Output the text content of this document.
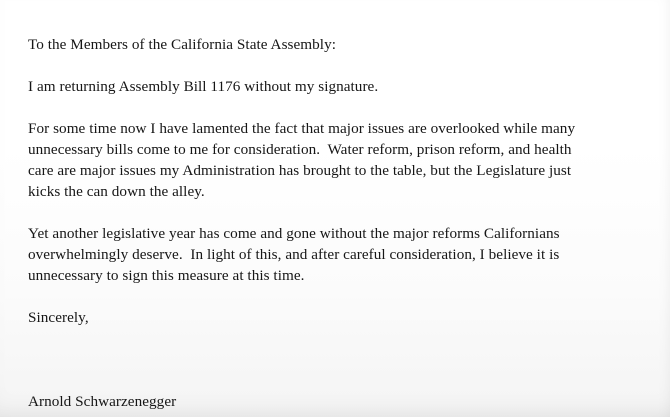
To the Members of the California State Assembly:
I am returning Assembly Bill 1176 without my signature.
For some time now I have lamented the fact that major issues are overlooked while many
unnecessary bills come to me for consideration.  Water reform, prison reform, and health
care are major issues my Administration has brought to the table, but the Legislature just
kicks the can down the alley.
Yet another legislative year has come and gone without the major reforms Californians
overwhelmingly deserve.  In light of this, and after careful consideration, I believe it is
unnecessary to sign this measure at this time.
Sincerely,
Arnold Schwarzenegger
